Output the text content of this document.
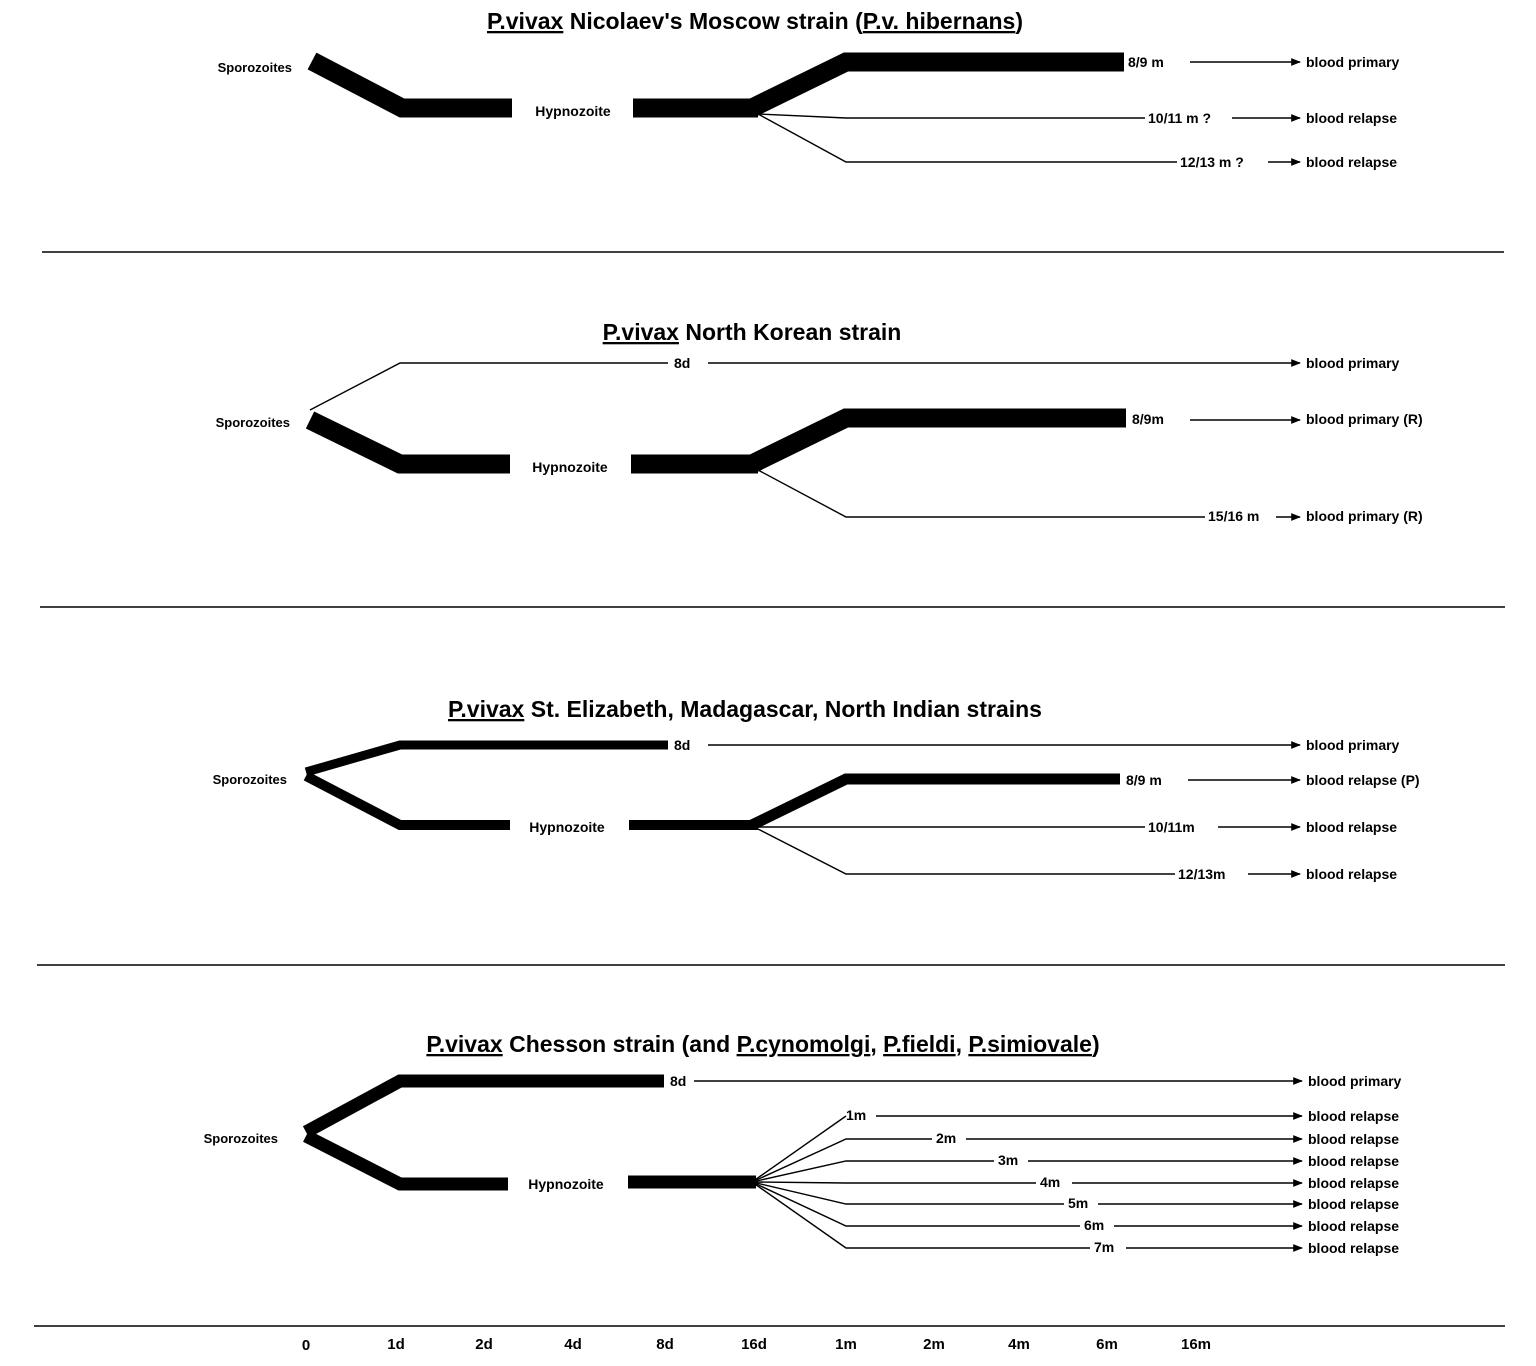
P.vivax Nicolaev's Moscow strain (P.v. hibernans)
Sporozoites
Hypnozoite
8/9 m	blood primary
10/11 m ?	blood relapse
12/13 m ?	blood relapse
P.vivax North Korean strain
Sporozoites
8d	blood primary
Hypnozoite
8/9m	blood primary (R)
15/16 m	blood primary (R)
P.vivax St. Elizabeth, Madagascar, North Indian strains
Sporozoites
8d	blood primary
Hypnozoite
8/9 m	blood relapse (P)
10/11m	blood relapse
12/13m	blood relapse
P.vivax Chesson strain (and P.cynomolgi, P.fieldi, P.simiovale)
Sporozoites
8d	blood primary
Hypnozoite
1m	blood relapse
2m	blood relapse
3m	blood relapse
4m	blood relapse
5m	blood relapse
6m	blood relapse
7m	blood relapse
0	1d	2d	4d	8d	16d	1m	2m	4m	6m	16m
